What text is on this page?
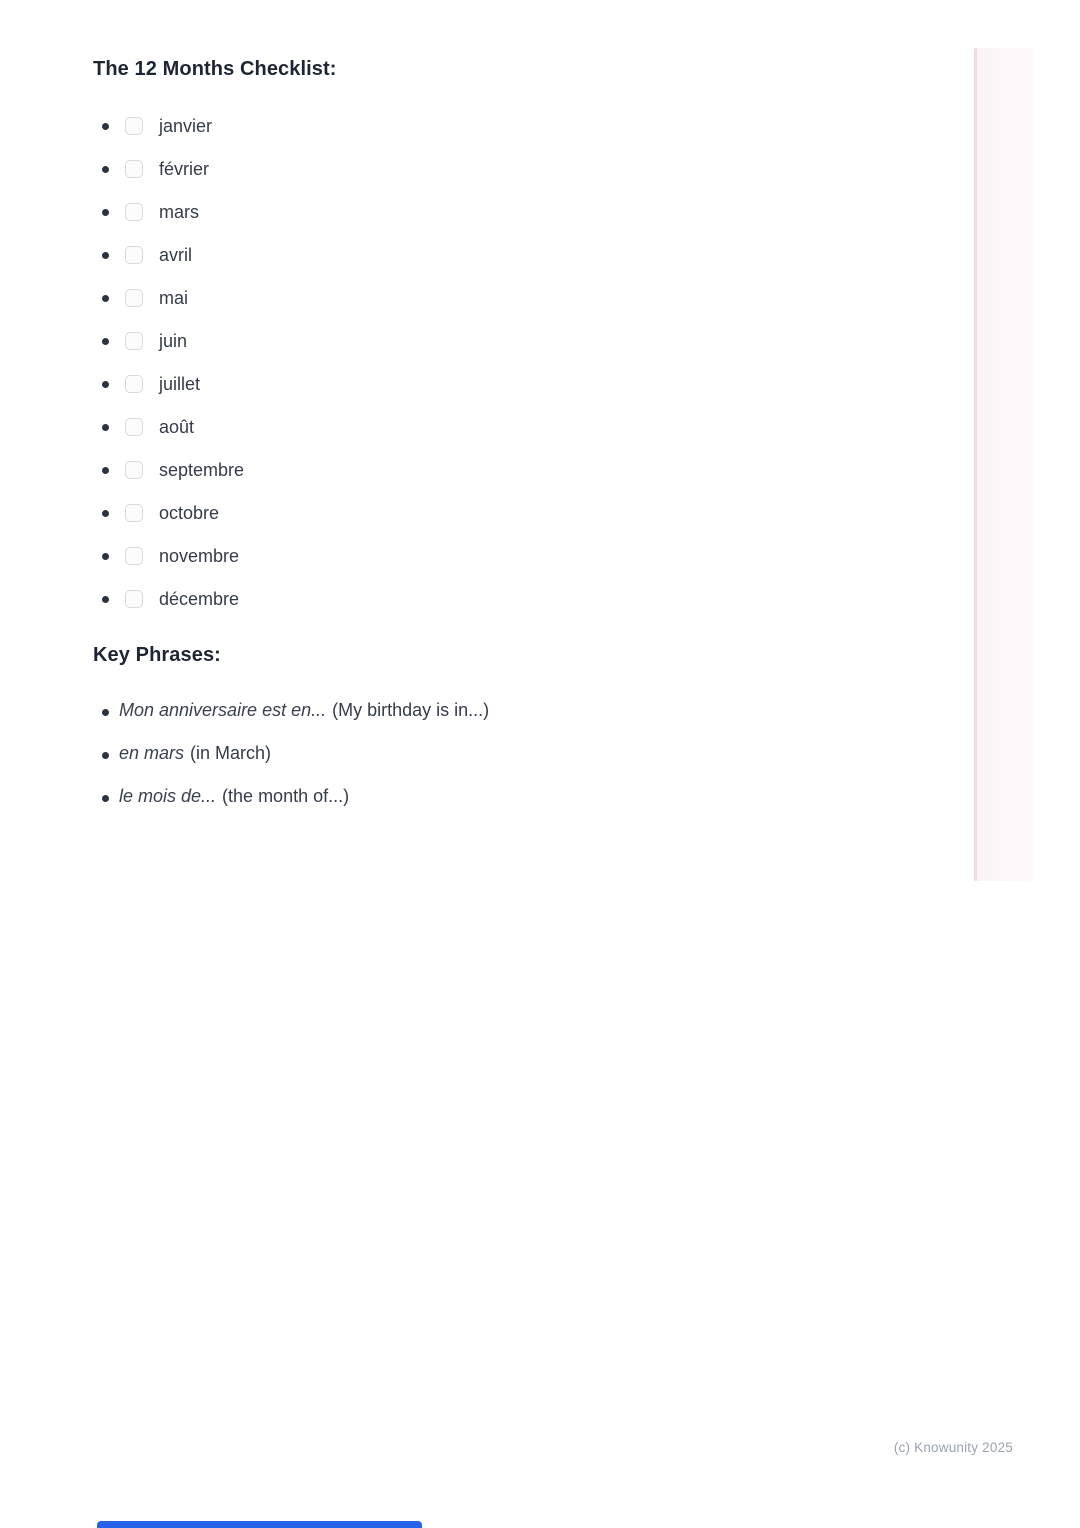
The 12 Months Checklist:
janvier
février
mars
avril
mai
juin
juillet
août
septembre
octobre
novembre
décembre
Key Phrases:
Mon anniversaire est en... (My birthday is in...)
en mars (in March)
le mois de... (the month of...)
(c) Knowunity 2025
